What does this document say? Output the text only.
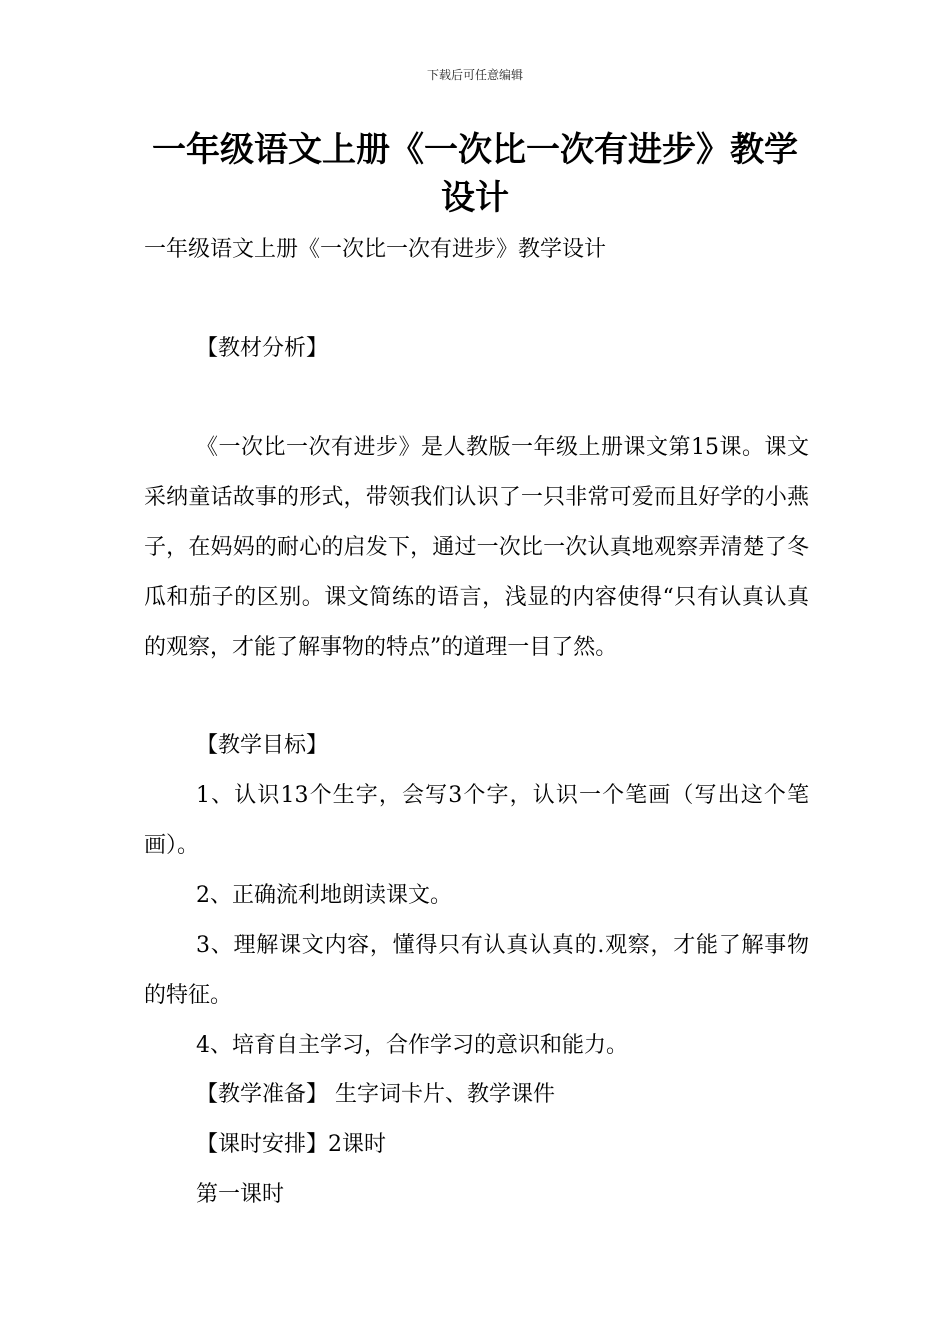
下载后可任意编辑
一年级语文上册《一次比一次有进步》教学设计
一年级语文上册《一次比一次有进步》教学设计
【教材分析】
《一次比一次有进步》是人教版一年级上册课文第15课。课文采纳童话故事的形式，带领我们认识了一只非常可爱而且好学的小燕子，在妈妈的耐心的启发下，通过一次比一次认真地观察弄清楚了冬瓜和茄子的区别。课文简练的语言，浅显的内容使得“只有认真认真的观察，才能了解事物的特点”的道理一目了然。
【教学目标】
1、认识13个生字，会写3个字，认识一个笔画（写出这个笔画）。
2、正确流利地朗读课文。
3、理解课文内容，懂得只有认真认真的.观察，才能了解事物的特征。
4、培育自主学习，合作学习的意识和能力。
【教学准备】 生字词卡片、教学课件
【课时安排】2课时
第一课时
